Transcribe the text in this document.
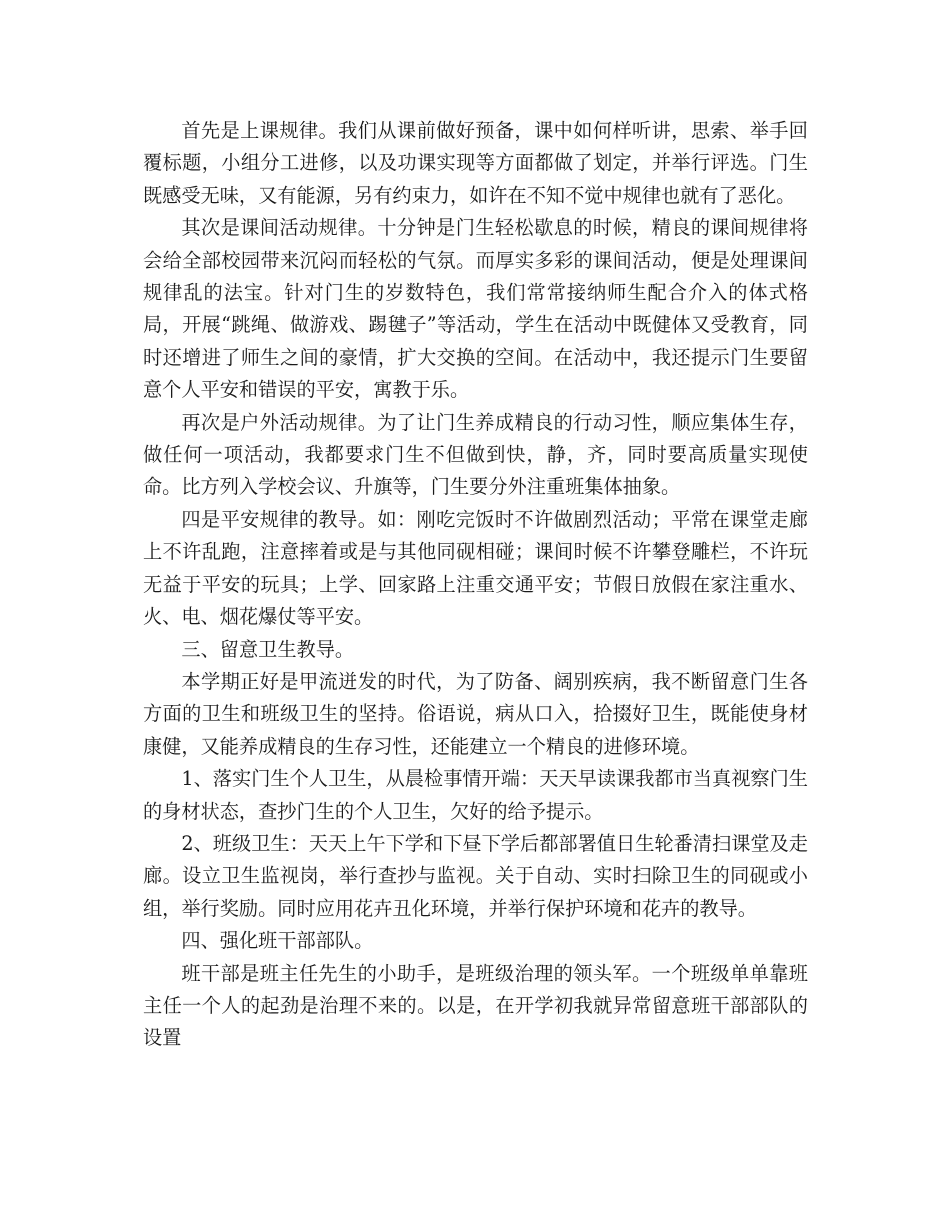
首先是上课规律。我们从课前做好预备，课中如何样听讲，思索、举手回覆标题，小组分工进修，以及功课实现等方面都做了划定，并举行评选。门生既感受无味，又有能源，另有约束力，如许在不知不觉中规律也就有了恶化。

其次是课间活动规律。十分钟是门生轻松歇息的时候，精良的课间规律将会给全部校园带来沉闷而轻松的气氛。而厚实多彩的课间活动，便是处理课间规律乱的法宝。针对门生的岁数特色，我们常常接纳师生配合介入的体式格局，开展“跳绳、做游戏、踢毽子”等活动，学生在活动中既健体又受教育，同时还增进了师生之间的豪情，扩大交换的空间。在活动中，我还提示门生要留意个人平安和错误的平安，寓教于乐。

再次是户外活动规律。为了让门生养成精良的行动习性，顺应集体生存，做任何一项活动，我都要求门生不但做到快，静，齐，同时要高质量实现使命。比方列入学校会议、升旗等，门生要分外注重班集体抽象。

四是平安规律的教导。如：刚吃完饭时不许做剧烈活动；平常在课堂走廊上不许乱跑，注意摔着或是与其他同砚相碰；课间时候不许攀登雕栏，不许玩无益于平安的玩具；上学、回家路上注重交通平安；节假日放假在家注重水、火、电、烟花爆仗等平安。

三、留意卫生教导。

本学期正好是甲流迸发的时代，为了防备、阔别疾病，我不断留意门生各方面的卫生和班级卫生的坚持。俗语说，病从口入，拾掇好卫生，既能使身材康健，又能养成精良的生存习性，还能建立一个精良的进修环境。

1、落实门生个人卫生，从晨检事情开端：天天早读课我都市当真视察门生的身材状态，查抄门生的个人卫生，欠好的给予提示。

2、班级卫生：天天上午下学和下昼下学后都部署值日生轮番清扫课堂及走廊。设立卫生监视岗，举行查抄与监视。关于自动、实时扫除卫生的同砚或小组，举行奖励。同时应用花卉丑化环境，并举行保护环境和花卉的教导。

四、强化班干部部队。

班干部是班主任先生的小助手，是班级治理的领头军。一个班级单单靠班主任一个人的起劲是治理不来的。以是，在开学初我就异常留意班干部部队的设置
